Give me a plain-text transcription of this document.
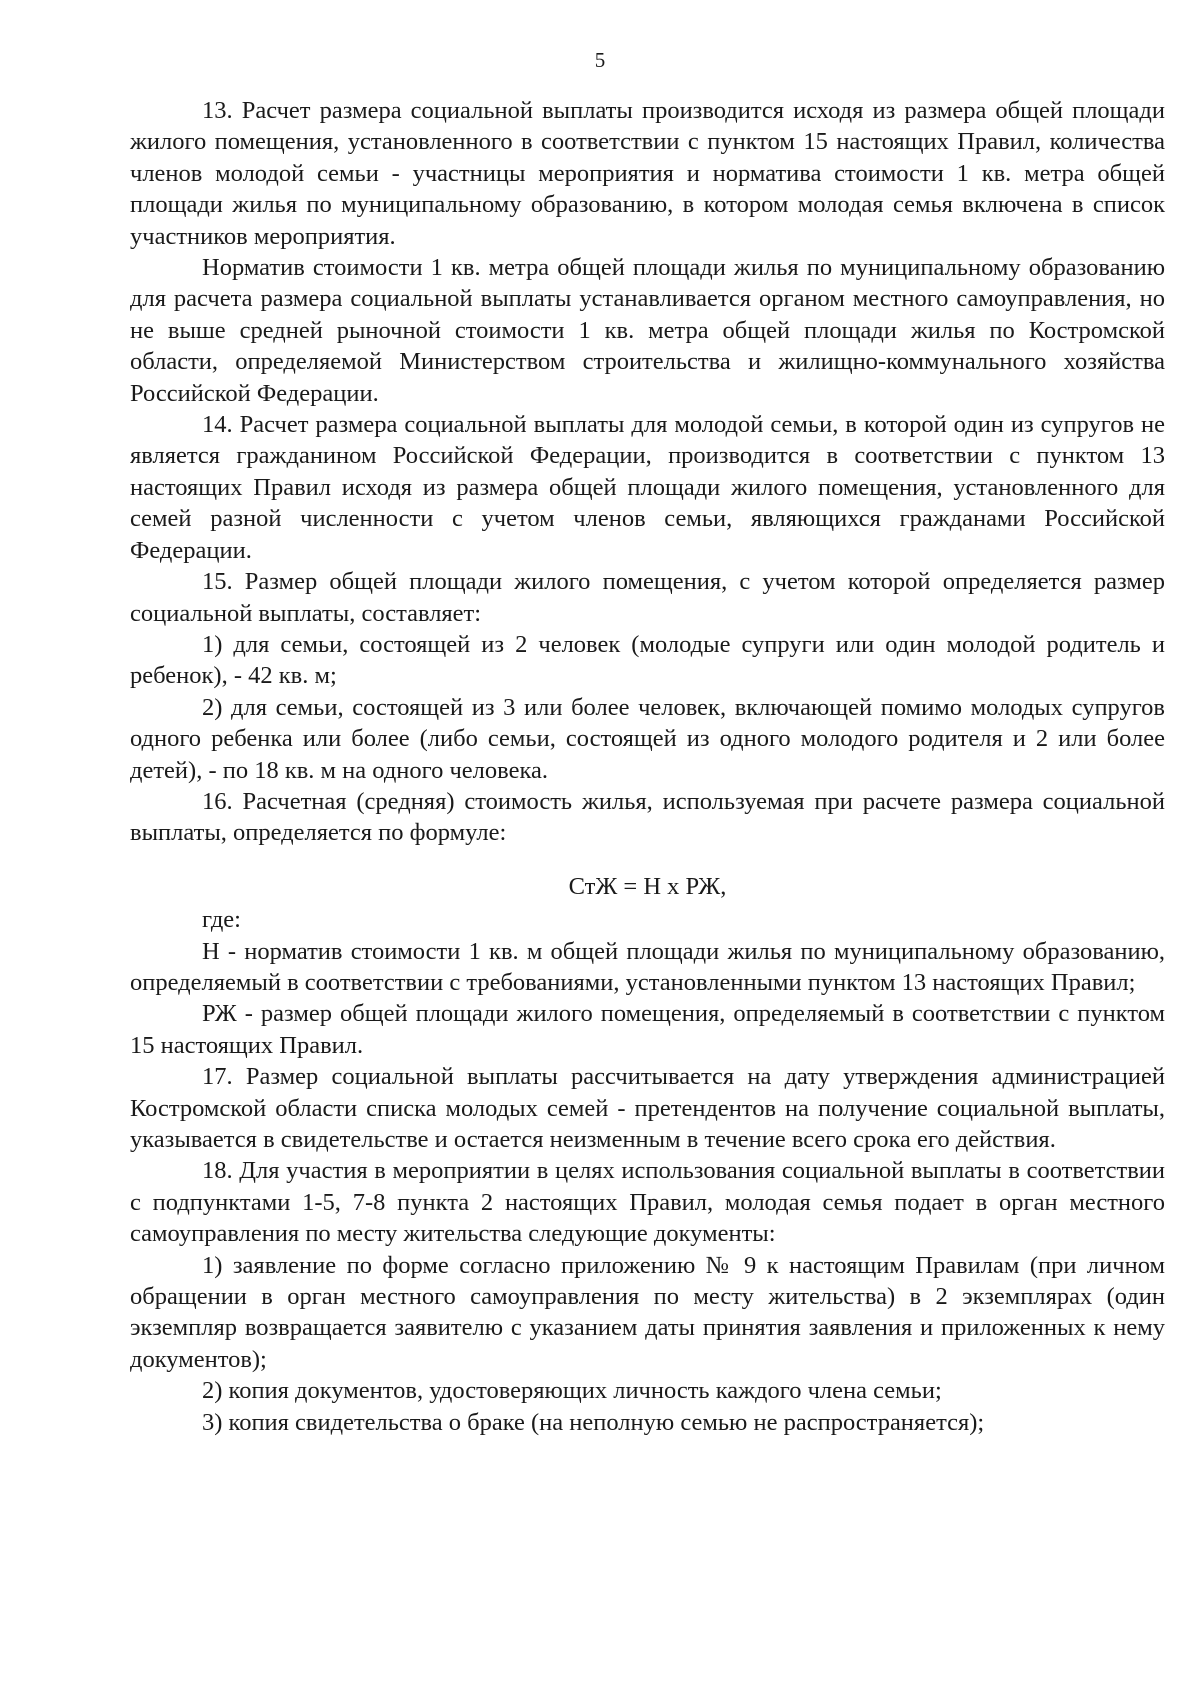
5

13. Расчет размера социальной выплаты производится исходя из размера общей площади жилого помещения, установленного в соответствии с пунктом 15 настоящих Правил, количества членов молодой семьи - участницы мероприятия и норматива стоимости 1 кв. метра общей площади жилья по муниципальному образованию, в котором молодая семья включена в список участников мероприятия.

Норматив стоимости 1 кв. метра общей площади жилья по муниципальному образованию для расчета размера социальной выплаты устанавливается органом местного самоуправления, но не выше средней рыночной стоимости 1 кв. метра общей площади жилья по Костромской области, определяемой Министерством строительства и жилищно-коммунального хозяйства Российской Федерации.

14. Расчет размера социальной выплаты для молодой семьи, в которой один из супругов не является гражданином Российской Федерации, производится в соответствии с пунктом 13 настоящих Правил исходя из размера общей площади жилого помещения, установленного для семей разной численности с учетом членов семьи, являющихся гражданами Российской Федерации.

15. Размер общей площади жилого помещения, с учетом которой определяется размер социальной выплаты, составляет:

1) для семьи, состоящей из 2 человек (молодые супруги или один молодой родитель и ребенок), - 42 кв. м;

2) для семьи, состоящей из 3 или более человек, включающей помимо молодых супругов одного ребенка или более (либо семьи, состоящей из одного молодого родителя и 2 или более детей), - по 18 кв. м на одного человека.

16. Расчетная (средняя) стоимость жилья, используемая при расчете размера социальной выплаты, определяется по формуле:

СтЖ = Н х РЖ,

где:

Н - норматив стоимости 1 кв. м общей площади жилья по муниципальному образованию, определяемый в соответствии с требованиями, установленными пунктом 13 настоящих Правил;

РЖ - размер общей площади жилого помещения, определяемый в соответствии с пунктом 15 настоящих Правил.

17. Размер социальной выплаты рассчитывается на дату утверждения администрацией Костромской области списка молодых семей - претендентов на получение социальной выплаты, указывается в свидетельстве и остается неизменным в течение всего срока его действия.

18. Для участия в мероприятии в целях использования социальной выплаты в соответствии с подпунктами 1-5, 7-8 пункта 2 настоящих Правил, молодая семья подает в орган местного самоуправления по месту жительства следующие документы:

1) заявление по форме согласно приложению № 9 к настоящим Правилам (при личном обращении в орган местного самоуправления по месту жительства) в 2 экземплярах (один экземпляр возвращается заявителю с указанием даты принятия заявления и приложенных к нему документов);

2) копия документов, удостоверяющих личность каждого члена семьи;

3) копия свидетельства о браке (на неполную семью не распространяется);
